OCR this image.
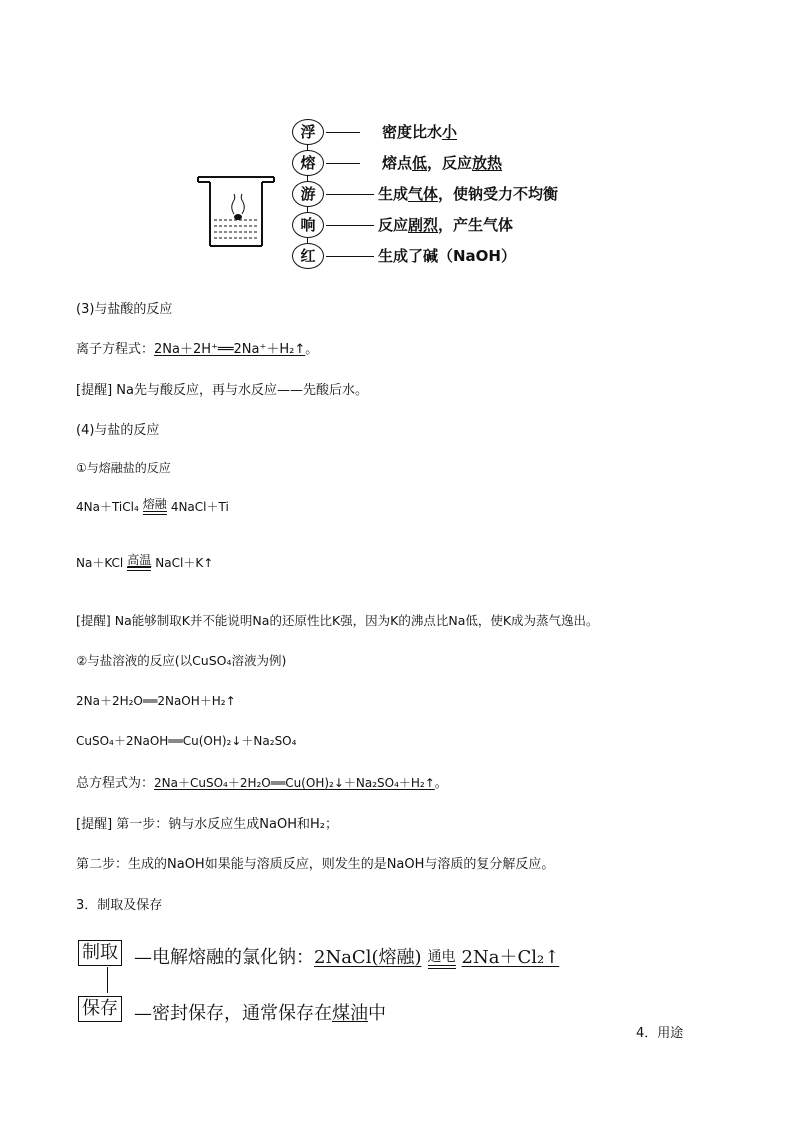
浮	密度比水小
熔	熔点低，反应放热
游	生成气体，使钠受力不均衡
响	反应剧烈，产生气体
红	生成了碱（NaOH）
(3)与盐酸的反应
离子方程式：2Na＋2H⁺══2Na⁺＋H₂↑。
[提醒] Na先与酸反应，再与水反应——先酸后水。
(4)与盐的反应
①与熔融盐的反应
4Na＋TiCl₄ 熔融 4NaCl＋Ti
Na＋KCl 高温 NaCl＋K↑
[提醒] Na能够制取K并不能说明Na的还原性比K强，因为K的沸点比Na低，使K成为蒸气逸出。
②与盐溶液的反应(以CuSO₄溶液为例)
2Na＋2H₂O══2NaOH＋H₂↑
CuSO₄＋2NaOH══Cu(OH)₂↓＋Na₂SO₄
总方程式为：2Na＋CuSO₄＋2H₂O══Cu(OH)₂↓＋Na₂SO₄＋H₂↑。
[提醒] 第一步：钠与水反应生成NaOH和H₂；
第二步：生成的NaOH如果能与溶质反应，则发生的是NaOH与溶质的复分解反应。
3．制取及保存
制取 —电解熔融的氯化钠：2NaCl(熔融) 通电 2Na＋Cl₂↑
保存 —密封保存，通常保存在煤油中
4．用途
